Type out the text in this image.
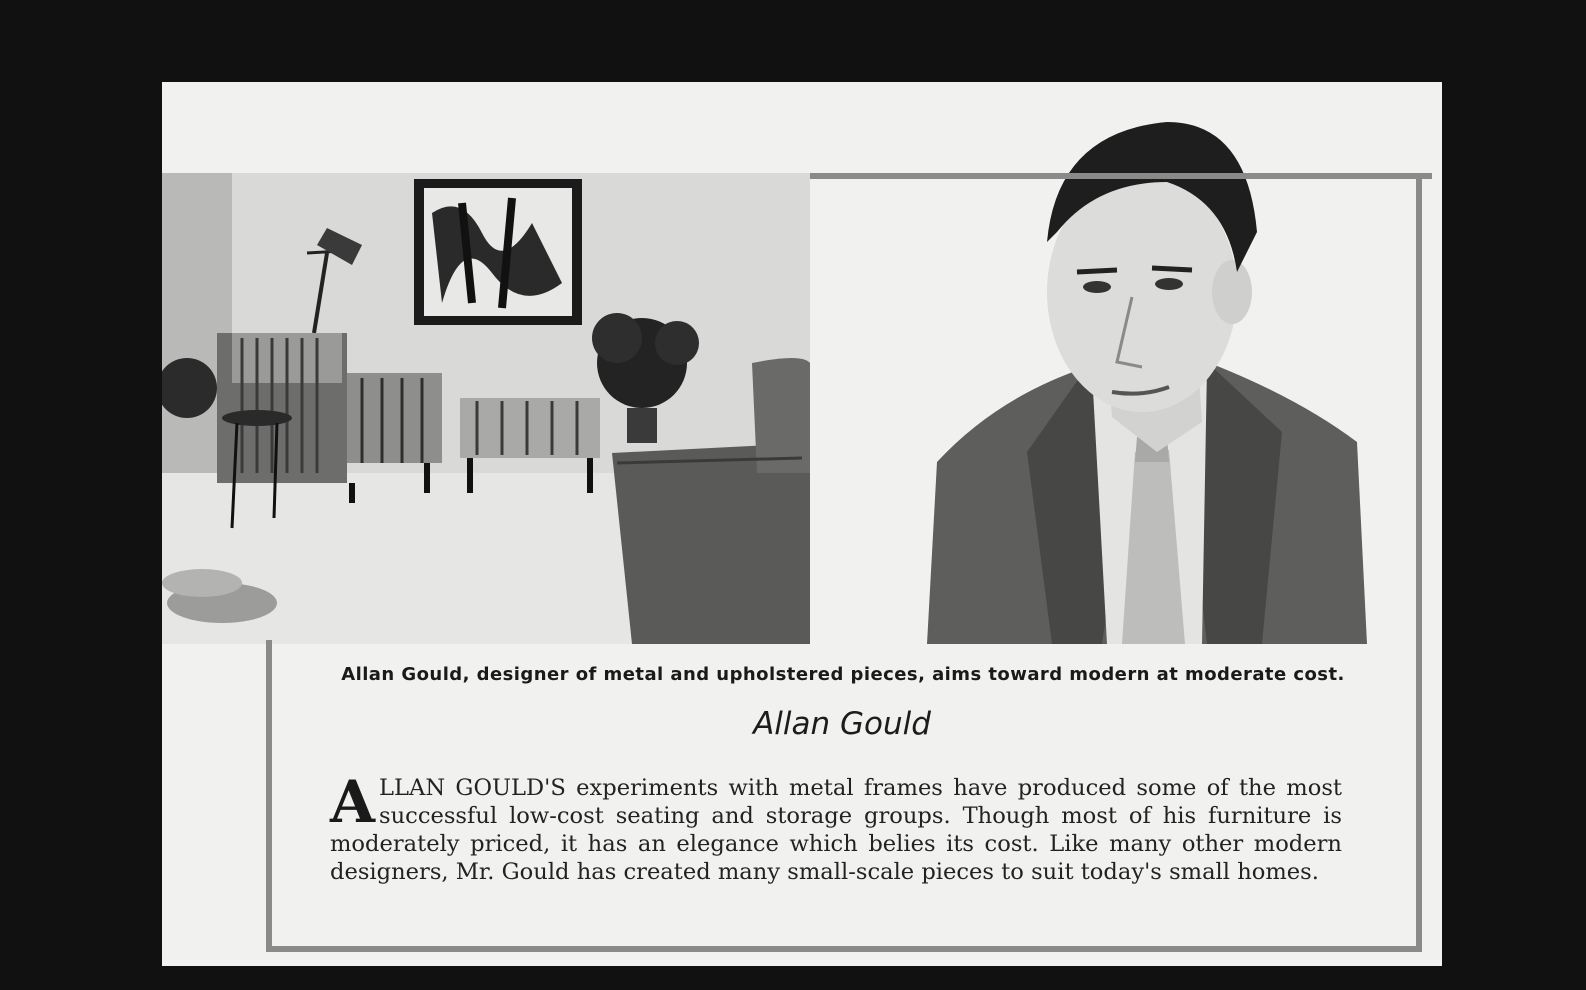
Allan Gould, designer of metal and upholstered pieces, aims toward modern at moderate cost.
Allan Gould
ALLAN GOULD'S experiments with metal frames have produced some of the most successful low-cost seating and storage groups. Though most of his furniture is moderately priced, it has an elegance which belies its cost. Like many other modern designers, Mr. Gould has created many small-scale pieces to suit today's small homes.
